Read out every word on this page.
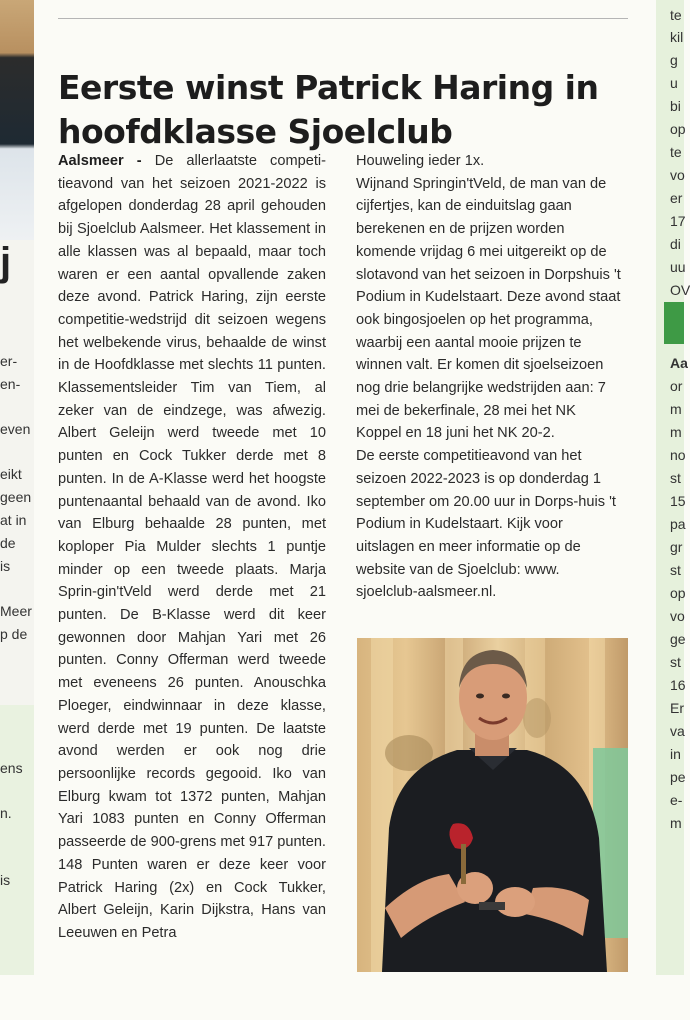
j
er-
en-
even
eikt
geen
at in
de
is
Meer
p de
ens
n.
is
te
kil
g
u
bi
op
te
vo
er
17
di
uu
OV
Aa
or
m
m
no
st
15
pa
gr
st
op
vo
ge
st
16
Er
va
in
pe
e-
m
Eerste winst Patrick Haring in hoofdklasse Sjoelclub

Aalsmeer - De allerlaatste competi-tieavond van het seizoen 2021-2022 is afgelopen donderdag 28 april gehouden bij Sjoelclub Aalsmeer. Het klassement in alle klassen was al bepaald, maar toch waren er een aantal opvallende zaken deze avond. Patrick Haring, zijn eerste competitie-wedstrijd dit seizoen wegens het welbekende virus, behaalde de winst in de Hoofdklasse met slechts 11 punten. Klassementsleider Tim van Tiem, al zeker van de eindzege, was afwezig. Albert Geleijn werd tweede met 10 punten en Cock Tukker derde met 8 punten. In de A-Klasse werd het hoogste puntenaantal behaald van de avond. Iko van Elburg behaalde 28 punten, met koploper Pia Mulder slechts 1 puntje minder op een tweede plaats. Marja Sprin-gin'tVeld werd derde met 21 punten. De B-Klasse werd dit keer gewonnen door Mahjan Yari met 26 punten. Conny Offerman werd tweede met eveneens 26 punten. Anouschka Ploeger, eindwinnaar in deze klasse, werd derde met 19 punten. De laatste avond werden er ook nog drie persoonlijke records gegooid. Iko van Elburg kwam tot 1372 punten, Mahjan Yari 1083 punten en Conny Offerman passeerde de 900-grens met 917 punten. 148 Punten waren er deze keer voor Patrick Haring (2x) en Cock Tukker, Albert Geleijn, Karin Dijkstra, Hans van Leeuwen en Petra

Houweling ieder 1x.

Wijnand Springin'tVeld, de man van de cijfertjes, kan de einduitslag gaan berekenen en de prijzen worden komende vrijdag 6 mei uitgereikt op de slotavond van het seizoen in Dorpshuis 't Podium in Kudelstaart. Deze avond staat ook bingosjoelen op het programma, waarbij een aantal mooie prijzen te winnen valt. Er komen dit sjoelseizoen nog drie belangrijke wedstrijden aan: 7 mei de bekerfinale, 28 mei het NK Koppel en 18 juni het NK 20-2.

De eerste competitieavond van het seizoen 2022-2023 is op donderdag 1 september om 20.00 uur in Dorps-huis 't Podium in Kudelstaart. Kijk voor uitslagen en meer informatie op de website van de Sjoelclub: www. sjoelclub-aalsmeer.nl.
